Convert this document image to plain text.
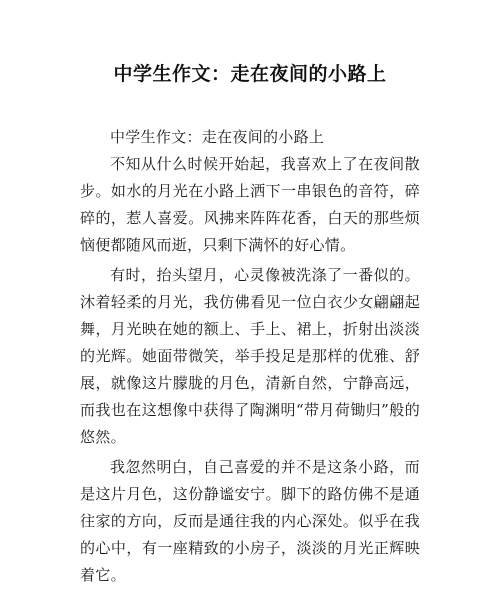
中学生作文：走在夜间的小路上

中学生作文：走在夜间的小路上

不知从什么时候开始起，我喜欢上了在夜间散步。如水的月光在小路上洒下一串银色的音符，碎碎的，惹人喜爱。风拂来阵阵花香，白天的那些烦恼便都随风而逝，只剩下满怀的好心情。

有时，抬头望月，心灵像被洗涤了一番似的。沐着轻柔的月光，我仿佛看见一位白衣少女翩翩起舞，月光映在她的额上、手上、裙上，折射出淡淡的光辉。她面带微笑，举手投足是那样的优雅、舒展，就像这片朦胧的月色，清新自然，宁静高远，而我也在这想像中获得了陶渊明“带月荷锄归”般的悠然。

我忽然明白，自己喜爱的并不是这条小路，而是这片月色，这份静谧安宁。脚下的路仿佛不是通往家的方向，反而是通往我的内心深处。似乎在我的心中，有一座精致的小房子，淡淡的月光正辉映着它。
